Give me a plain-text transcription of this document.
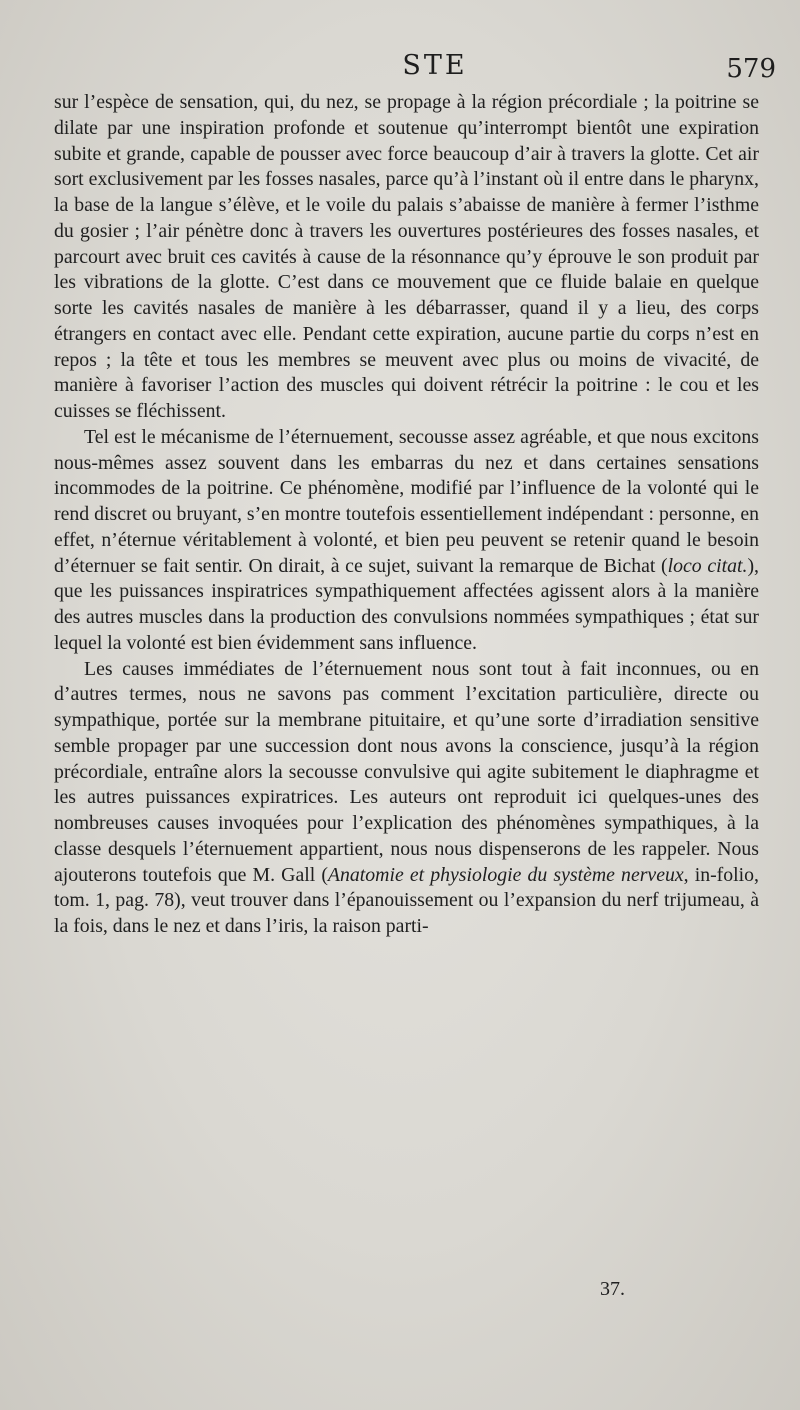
STE	579

sur l’espèce de sensation, qui, du nez, se propage à la région précordiale ; la poitrine se dilate par une inspiration profonde et soutenue qu’interrompt bientôt une expiration subite et grande, capable de pousser avec force beaucoup d’air à travers la glotte. Cet air sort exclusivement par les fosses nasales, parce qu’à l’instant où il entre dans le pharynx, la base de la langue s’élève, et le voile du palais s’abaisse de manière à fermer l’isthme du gosier ; l’air pénètre donc à travers les ouvertures postérieures des fosses nasales, et parcourt avec bruit ces cavités à cause de la résonnance qu’y éprouve le son produit par les vibrations de la glotte. C’est dans ce mouvement que ce fluide balaie en quelque sorte les cavités nasales de manière à les débarrasser, quand il y a lieu, des corps étrangers en contact avec elle. Pendant cette expiration, aucune partie du corps n’est en repos ; la tête et tous les membres se meuvent avec plus ou moins de vivacité, de manière à favoriser l’action des muscles qui doivent rétrécir la poitrine : le cou et les cuisses se fléchissent.

Tel est le mécanisme de l’éternuement, secousse assez agréable, et que nous excitons nous-mêmes assez souvent dans les embarras du nez et dans certaines sensations incommodes de la poitrine. Ce phénomène, modifié par l’influence de la volonté qui le rend discret ou bruyant, s’en montre toutefois essentiellement indépendant : personne, en effet, n’éternue véritablement à volonté, et bien peu peuvent se retenir quand le besoin d’éternuer se fait sentir. On dirait, à ce sujet, suivant la remarque de Bichat (loco citat.), que les puissances inspiratrices sympathiquement affectées agissent alors à la manière des autres muscles dans la production des convulsions nommées sympathiques ; état sur lequel la volonté est bien évidemment sans influence.

Les causes immédiates de l’éternuement nous sont tout à fait inconnues, ou en d’autres termes, nous ne savons pas comment l’excitation particulière, directe ou sympathique, portée sur la membrane pituitaire, et qu’une sorte d’irradiation sensitive semble propager par une succession dont nous avons la conscience, jusqu’à la région précordiale, entraîne alors la secousse convulsive qui agite subitement le diaphragme et les autres puissances expiratrices. Les auteurs ont reproduit ici quelques-unes des nombreuses causes invoquées pour l’explication des phénomènes sympathiques, à la classe desquels l’éternuement appartient, nous nous dispenserons de les rappeler. Nous ajouterons toutefois que M. Gall (Anatomie et physiologie du système nerveux, in-folio, tom. 1, pag. 78), veut trouver dans l’épanouissement ou l’expansion du nerf trijumeau, à la fois, dans le nez et dans l’iris, la raison parti-

37.
